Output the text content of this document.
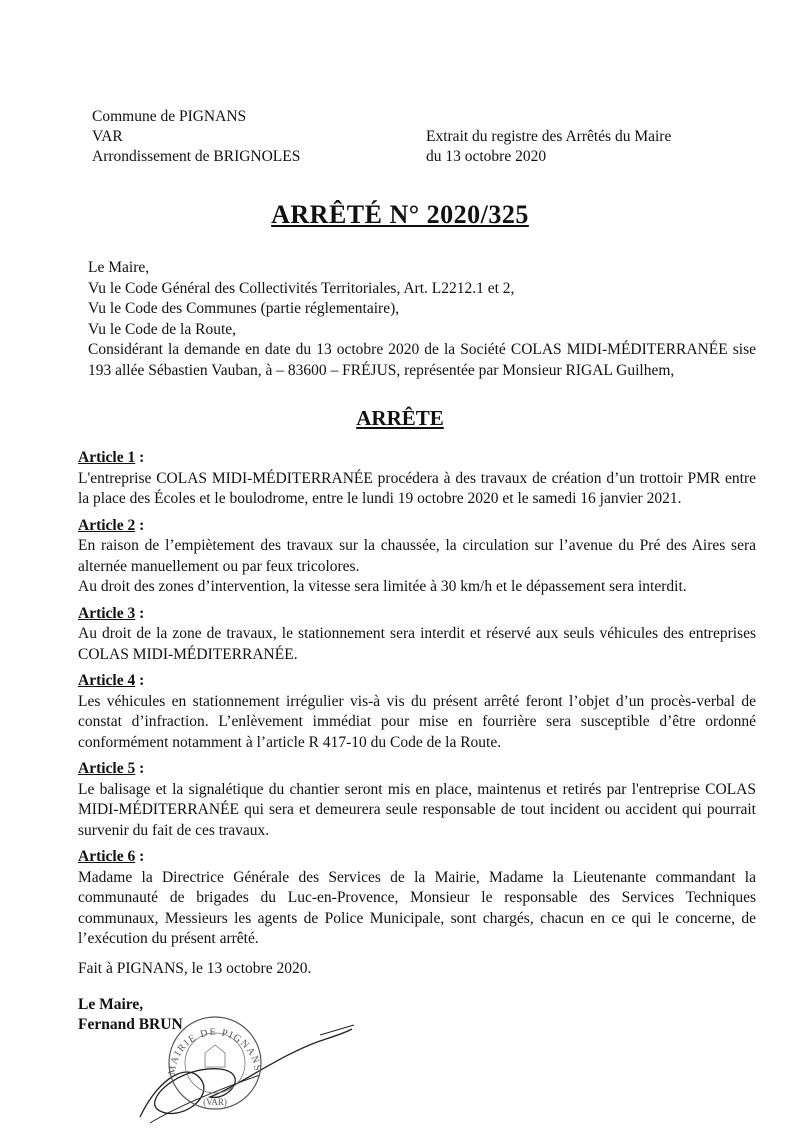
Commune de PIGNANS
VAR
Arrondissement de BRIGNOLES
Extrait du registre des Arrêtés du Maire
du 13 octobre 2020
ARRÊTÉ N° 2020/325
Le Maire,
Vu le Code Général des Collectivités Territoriales, Art. L2212.1 et 2,
Vu le Code des Communes (partie réglementaire),
Vu le Code de la Route,
Considérant la demande en date du 13 octobre 2020 de la Société COLAS MIDI-MÉDITERRANÉE sise 193 allée Sébastien Vauban, à – 83600 – FRÉJUS, représentée par Monsieur RIGAL Guilhem,
ARRÊTE
Article 1 :

L'entreprise COLAS MIDI-MÉDITERRANÉE procédera à des travaux de création d’un trottoir PMR entre la place des Écoles et le boulodrome, entre le lundi 19 octobre 2020 et le samedi 16 janvier 2021.

Article 2 :

En raison de l’empiètement des travaux sur la chaussée, la circulation sur l’avenue du Pré des Aires sera alternée manuellement ou par feux tricolores.

Au droit des zones d’intervention, la vitesse sera limitée à 30 km/h et le dépassement sera interdit.

Article 3 :

Au droit de la zone de travaux, le stationnement sera interdit et réservé aux seuls véhicules des entreprises COLAS MIDI-MÉDITERRANÉE.

Article 4 :

Les véhicules en stationnement irrégulier vis-à vis du présent arrêté feront l’objet d’un procès-verbal de constat d’infraction. L’enlèvement immédiat pour mise en fourrière sera susceptible d’être ordonné conformément notamment à l’article R 417-10 du Code de la Route.

Article 5 :

Le balisage et la signalétique du chantier seront mis en place, maintenus et retirés par l'entreprise COLAS MIDI-MÉDITERRANÉE qui sera et demeurera seule responsable de tout incident ou accident qui pourrait survenir du fait de ces travaux.

Article 6 :

Madame la Directrice Générale des Services de la Mairie, Madame la Lieutenante commandant la communauté de brigades du Luc-en-Provence, Monsieur le responsable des Services Techniques communaux, Messieurs les agents de Police Municipale, sont chargés, chacun en ce qui le concerne, de l’exécution du présent arrêté.

Fait à PIGNANS, le 13 octobre 2020.
Le Maire,
Fernand BRUN
MAIRIE DE PIGNANS
(VAR)
